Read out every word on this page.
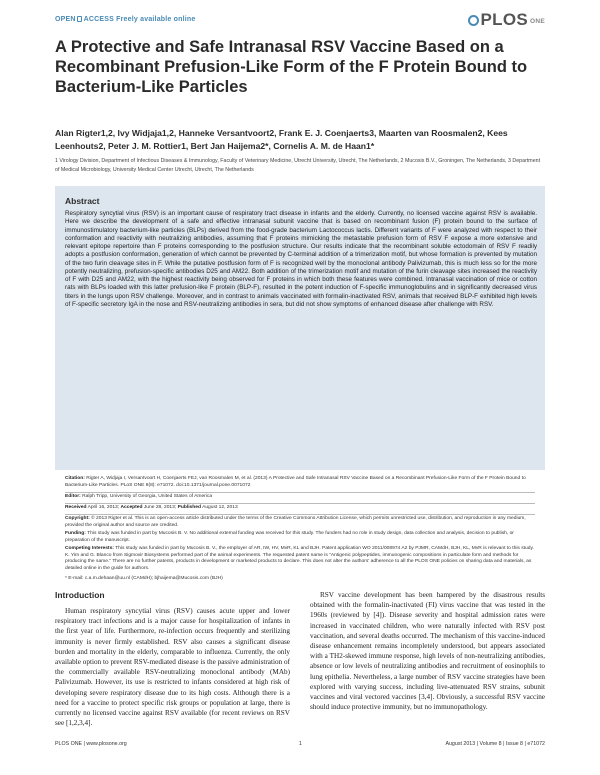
OPEN ACCESS Freely available online	PLOS ONE
A Protective and Safe Intranasal RSV Vaccine Based on a Recombinant Prefusion-Like Form of the F Protein Bound to Bacterium-Like Particles
Alan Rigter1,2, Ivy Widjaja1,2, Hanneke Versantvoort2, Frank E. J. Coenjaerts3, Maarten van Roosmalen2, Kees Leenhouts2, Peter J. M. Rottier1, Bert Jan Haijema2*, Cornelis A. M. de Haan1*
1 Virology Division, Department of Infectious Diseases & Immunology, Faculty of Veterinary Medicine, Utrecht University, Utrecht, The Netherlands, 2 Mucosis B.V., Groningen, The Netherlands, 3 Department of Medical Microbiology, University Medical Center Utrecht, Utrecht, The Netherlands
Abstract
Respiratory syncytial virus (RSV) is an important cause of respiratory tract disease in infants and the elderly. Currently, no licensed vaccine against RSV is available. Here we describe the development of a safe and effective intranasal subunit vaccine that is based on recombinant fusion (F) protein bound to the surface of immunostimulatory bacterium-like particles (BLPs) derived from the food-grade bacterium Lactococcus lactis. Different variants of F were analyzed with respect to their conformation and reactivity with neutralizing antibodies, assuming that F proteins mimicking the metastable prefusion form of RSV F expose a more extensive and relevant epitope repertoire than F proteins corresponding to the postfusion structure. Our results indicate that the recombinant soluble ectodomain of RSV F readily adopts a postfusion conformation, generation of which cannot be prevented by C-terminal addition of a trimerization motif, but whose formation is prevented by mutation of the two furin cleavage sites in F. While the putative postfusion form of F is recognized well by the monoclonal antibody Palivizumab, this is much less so for the more potently neutralizing, prefusion-specific antibodies D25 and AM22. Both addition of the trimerization motif and mutation of the furin cleavage sites increased the reactivity of F with D25 and AM22, with the highest reactivity being observed for F proteins in which both these features were combined. Intranasal vaccination of mice or cotton rats with BLPs loaded with this latter prefusion-like F protein (BLP-F), resulted in the potent induction of F-specific immunoglobulins and in significantly decreased virus titers in the lungs upon RSV challenge. Moreover, and in contrast to animals vaccinated with formalin-inactivated RSV, animals that received BLP-F exhibited high levels of F-specific secretory IgA in the nose and RSV-neutralizing antibodies in sera, but did not show symptoms of enhanced disease after challenge with RSV.
Citation: Rigter A, Widjaja I, Versantvoort H, Coenjaerts FEJ, van Roosmalen M, et al. (2013) A Protective and Safe Intranasal RSV Vaccine Based on a Recombinant Prefusion-Like Form of the F Protein Bound to Bacterium-Like Particles. PLoS ONE 8(8): e71072. doi:10.1371/journal.pone.0071072
Editor: Ralph Tripp, University of Georgia, United States of America
Received April 16, 2013; Accepted June 28, 2013; Published August 12, 2013
Copyright: © 2013 Rigter et al. This is an open-access article distributed under the terms of the Creative Commons Attribution License, which permits unrestricted use, distribution, and reproduction in any medium, provided the original author and source are credited.
Funding: This study was funded in part by Mucosis B. V. No additional external funding was received for this study. The funders had no role in study design, data collection and analysis, decision to publish, or preparation of the manuscript.
Competing Interests: This study was funded in part by Mucosis B. V., the employer of AR, IW, HV, MvR, KL and BJH. Patent application WO 2011/008974 A2 by PJMR, CAMdH, BJH, KL, MvR is relevant to this study. K. Yim and G. Blanco from Sigmovir Biosystems performed part of the animal experiments. The requested patent name is "Antigenic polypeptides, immunogenic compositions in particulate form and methods for producing the same." There are no further patents, products in development or marketed products to declare. This does not alter the authors' adherence to all the PLOS ONE policies on sharing data and materials, as detailed online in the guide for authors.
* E-mail: c.a.m.dehaan@uu.nl (CAMdH); bjhaijema@Mucosis.com (BJH)
Introduction
Human respiratory syncytial virus (RSV) causes acute upper and lower respiratory tract infections and is a major cause for hospitalization of infants in the first year of life. Furthermore, re-infection occurs frequently and sterilizing immunity is never firmly established. RSV also causes a significant disease burden and mortality in the elderly, comparable to influenza. Currently, the only available option to prevent RSV-mediated disease is the passive administration of the commercially available RSV-neutralizing monoclonal antibody (MAb) Palivizumab. However, its use is restricted to infants considered at high risk of developing severe respiratory disease due to its high costs. Although there is a need for a vaccine to protect specific risk groups or population at large, there is currently no licensed vaccine against RSV available (for recent reviews on RSV see [1,2,3,4].
RSV vaccine development has been hampered by the disastrous results obtained with the formalin-inactivated (FI) virus vaccine that was tested in the 1960s (reviewed by [4]). Disease severity and hospital admission rates were increased in vaccinated children, who were naturally infected with RSV post vaccination, and several deaths occurred. The mechanism of this vaccine-induced disease enhancement remains incompletely understood, but appears associated with a TH2-skewed immune response, high levels of non-neutralizing antibodies, absence or low levels of neutralizing antibodies and recruitment of eosinophils to lung epithelia. Nevertheless, a large number of RSV vaccine strategies have been explored with varying success, including live-attenuated RSV strains, subunit vaccines and viral vectored vaccines [3,4]. Obviously, a successful RSV vaccine should induce protective immunity, but no immunopathology.
PLOS ONE | www.plosone.org	1	August 2013 | Volume 8 | Issue 8 | e71072
